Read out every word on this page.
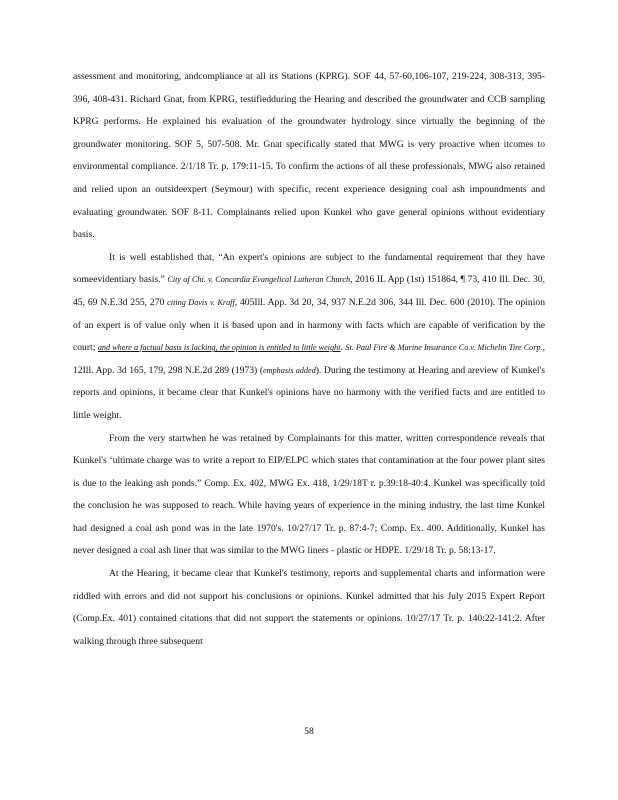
assessment and monitoring, andcompliance at all its Stations (KPRG). SOF 44, 57-60,106-107, 219-224, 308-313, 395-396, 408-431. Richard Gnat, from KPRG, testifiedduring the Hearing and described the groundwater and CCB sampling KPRG performs. He explained his evaluation of the groundwater hydrology since virtually the beginning of the groundwater monitoring. SOF 5, 507-508. Mr. Gnat specifically stated that MWG is very proactive when itcomes to environmental compliance. 2/1/18 Tr. p. 179:11-15. To confirm the actions of all these professionals, MWG also retained and relied upon an outsideexpert (Seymour) with specific, recent experience designing coal ash impoundments and evaluating groundwater. SOF 8-11. Complainants relied upon Kunkel who gave general opinions without evidentiary basis.

It is well established that, “An expert's opinions are subject to the fundamental requirement that they have someevidentiary basis.” City of Chi. v. Concordia Evangelical Lutheran Church, 2016 IL App (1st) 151864, ¶ 73, 410 Ill. Dec. 30, 45, 69 N.E.3d 255, 270 citing Davis v. Kraff, 405Ill. App. 3d 20, 34, 937 N.E.2d 306, 344 Ill. Dec. 600 (2010). The opinion of an expert is of value only when it is based upon and in harmony with facts which are capable of verification by the court; and where a factual basis is lacking, the opinion is entitled to little weight. St. Paul Fire & Marine Insurance Co.v. Michelin Tire Corp., 12Ill. App. 3d 165, 179, 298 N.E.2d 289 (1973) (emphasis added). During the testimony at Hearing and areview of Kunkel's reports and opinions, it became clear that Kunkel's opinions have no harmony with the verified facts and are entitled to little weight.

From the very startwhen he was retained by Complainants for this matter, written correspondence reveals that Kunkel's ‘ultimate charge was to write a report to EIP/ELPC which states that contamination at the four power plant sites is due to the leaking ash ponds.” Comp. Ex. 402, MWG Ex. 418, 1/29/18T r. p.39:18-40:4. Kunkel was specifically told the conclusion he was supposed to reach. While having years of experience in the mining industry, the last time Kunkel had designed a coal ash pond was in the late 1970's. 10/27/17 Tr. p. 87:4-7; Comp. Ex. 400. Additionally, Kunkel has never designed a coal ash liner that was similar to the MWG liners - plastic or HDPE. 1/29/18 Tr. p. 58:13-17.

At the Hearing, it became clear that Kunkel's testimony, reports and supplemental charts and information were riddled with errors and did not support his conclusions or opinions. Kunkel admitted that his July 2015 Expert Report (Comp.Ex. 401) contained citations that did not support the statements or opinions. 10/27/17 Tr. p. 140:22-141:2. After walking through three subsequent

58
